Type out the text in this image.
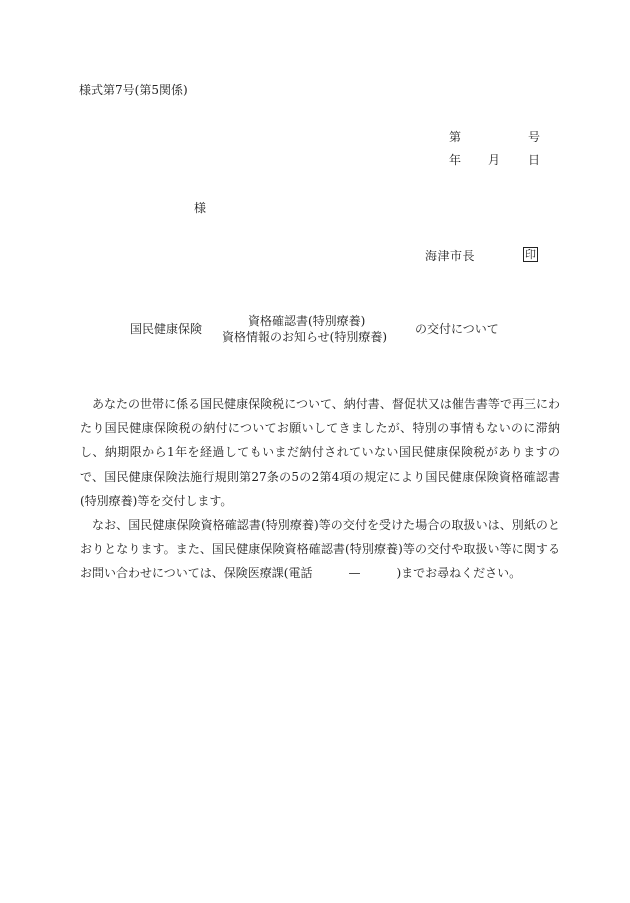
様式第7号(第5関係)
第	号
年 月 日
様
海津市長	印
国民健康保険
資格確認書(特別療養)
資格情報のお知らせ(特別療養)
の交付について

あなたの世帯に係る国民健康保険税について、納付書、督促状又は催告書等で再三にわたり国民健康保険税の納付についてお願いしてきましたが、特別の事情もないのに滞納し、納期限から1年を経過してもいまだ納付されていない国民健康保険税がありますので、国民健康保険法施行規則第27条の5の2第4項の規定により国民健康保険資格確認書(特別療養)等を交付します。

なお、国民健康保険資格確認書(特別療養)等の交付を受けた場合の取扱いは、別紙のとおりとなります。また、国民健康保険資格確認書(特別療養)等の交付や取扱い等に関するお問い合わせについては、保険医療課(電話　　　—　　　)までお尋ねください。
